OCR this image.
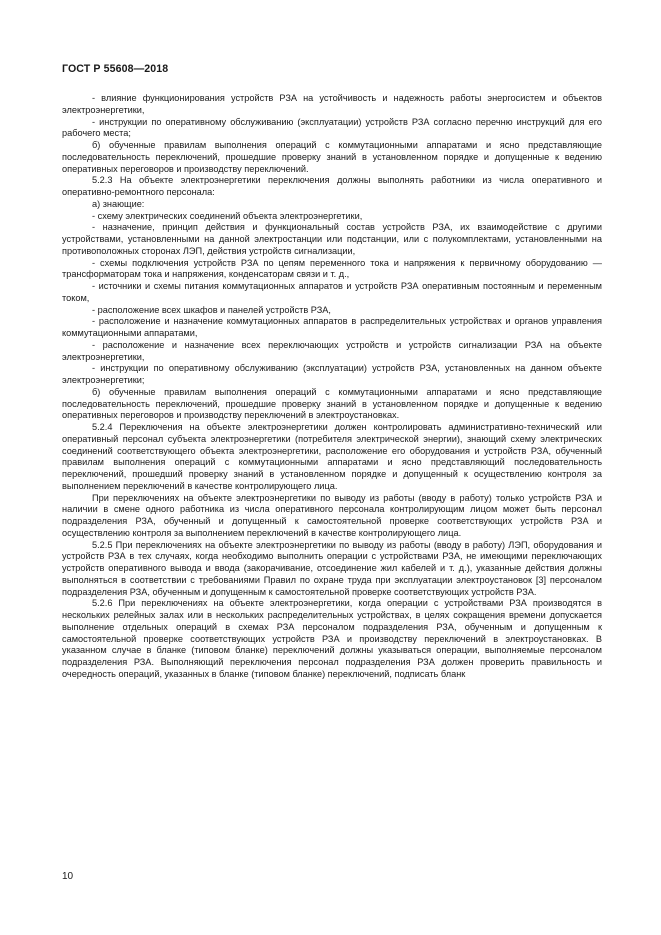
ГОСТ Р 55608—2018

- влияние функционирования устройств РЗА на устойчивость и надежность работы энергосистем и объектов электроэнергетики,

- инструкции по оперативному обслуживанию (эксплуатации) устройств РЗА согласно перечню инструкций для его рабочего места;

б) обученные правилам выполнения операций с коммутационными аппаратами и ясно представляющие последовательность переключений, прошедшие проверку знаний в установленном порядке и допущенные к ведению оперативных переговоров и производству переключений.

5.2.3 На объекте электроэнергетики переключения должны выполнять работники из числа оперативного и оперативно-ремонтного персонала:

а) знающие:

- схему электрических соединений объекта электроэнергетики,

- назначение, принцип действия и функциональный состав устройств РЗА, их взаимодействие с другими устройствами, установленными на данной электростанции или подстанции, или с полукомплектами, установленными на противоположных сторонах ЛЭП, действия устройств сигнализации,

- схемы подключения устройств РЗА по цепям переменного тока и напряжения к первичному оборудованию — трансформаторам тока и напряжения, конденсаторам связи и т. д.,

- источники и схемы питания коммутационных аппаратов и устройств РЗА оперативным постоянным и переменным током,

- расположение всех шкафов и панелей устройств РЗА,

- расположение и назначение коммутационных аппаратов в распределительных устройствах и органов управления коммутационными аппаратами,

- расположение и назначение всех переключающих устройств и устройств сигнализации РЗА на объекте электроэнергетики,

- инструкции по оперативному обслуживанию (эксплуатации) устройств РЗА, установленных на данном объекте электроэнергетики;

б) обученные правилам выполнения операций с коммутационными аппаратами и ясно представляющие последовательность переключений, прошедшие проверку знаний в установленном порядке и допущенные к ведению оперативных переговоров и производству переключений в электроустановках.

5.2.4 Переключения на объекте электроэнергетики должен контролировать административно-технический или оперативный персонал субъекта электроэнергетики (потребителя электрической энергии), знающий схему электрических соединений соответствующего объекта электроэнергетики, расположение его оборудования и устройств РЗА, обученный правилам выполнения операций с коммутационными аппаратами и ясно представляющий последовательность переключений, прошедший проверку знаний в установленном порядке и допущенный к осуществлению контроля за выполнением переключений в качестве контролирующего лица.

При переключениях на объекте электроэнергетики по выводу из работы (вводу в работу) только устройств РЗА и наличии в смене одного работника из числа оперативного персонала контролирующим лицом может быть персонал подразделения РЗА, обученный и допущенный к самостоятельной проверке соответствующих устройств РЗА и осуществлению контроля за выполнением переключений в качестве контролирующего лица.

5.2.5 При переключениях на объекте электроэнергетики по выводу из работы (вводу в работу) ЛЭП, оборудования и устройств РЗА в тех случаях, когда необходимо выполнить операции с устройствами РЗА, не имеющими переключающих устройств оперативного вывода и ввода (закорачивание, отсоединение жил кабелей и т. д.), указанные действия должны выполняться в соответствии с требованиями Правил по охране труда при эксплуатации электроустановок [3] персоналом подразделения РЗА, обученным и допущенным к самостоятельной проверке соответствующих устройств РЗА.

5.2.6 При переключениях на объекте электроэнергетики, когда операции с устройствами РЗА производятся в нескольких релейных залах или в нескольких распределительных устройствах, в целях сокращения времени допускается выполнение отдельных операций в схемах РЗА персоналом подразделения РЗА, обученным и допущенным к самостоятельной проверке соответствующих устройств РЗА и производству переключений в электроустановках. В указанном случае в бланке (типовом бланке) переключений должны указываться операции, выполняемые персоналом подразделения РЗА. Выполняющий переключения персонал подразделения РЗА должен проверить правильность и очередность операций, указанных в бланке (типовом бланке) переключений, подписать бланк

10
